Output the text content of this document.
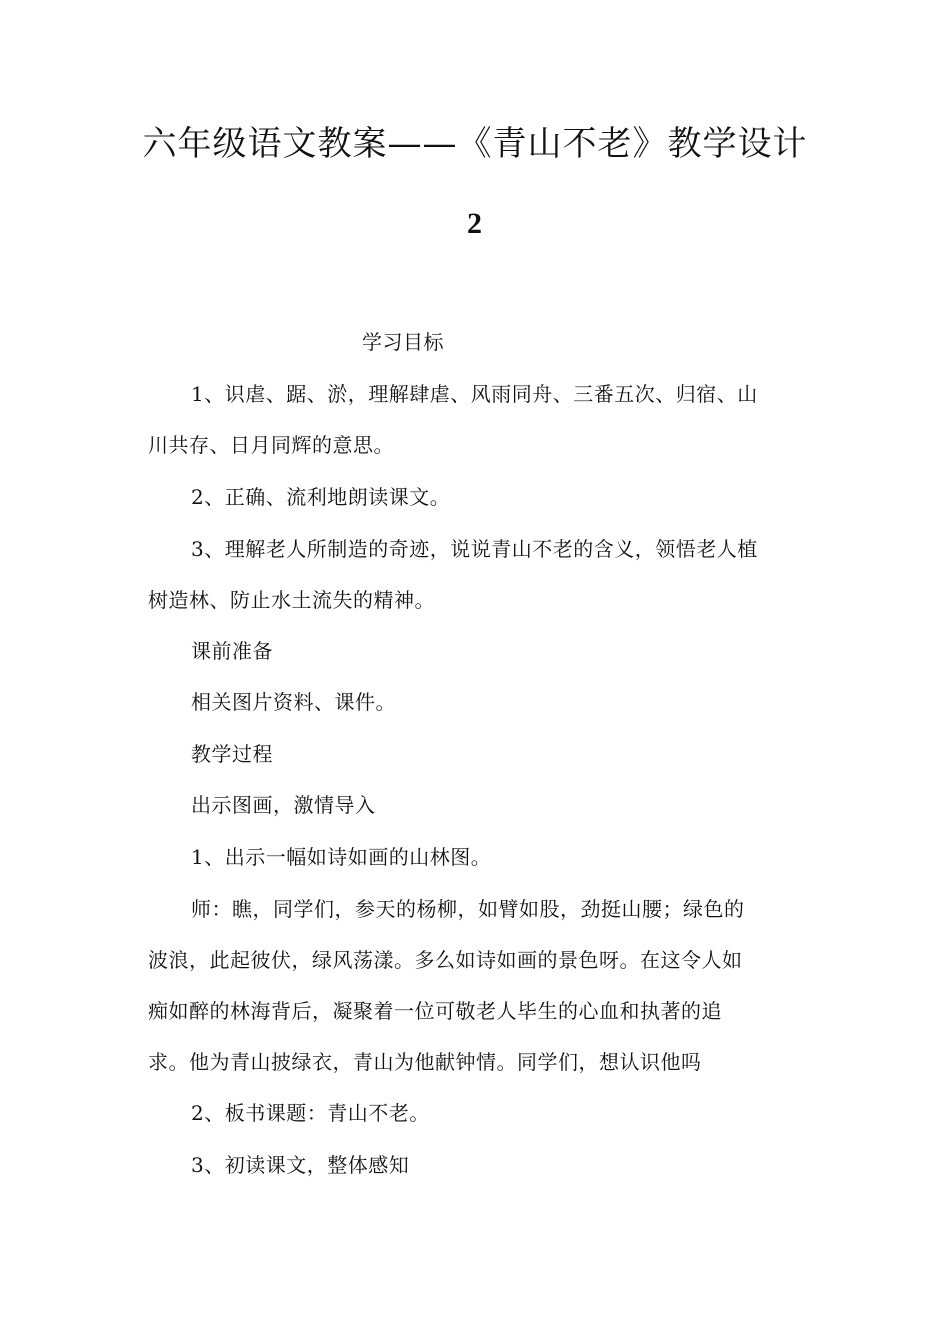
六年级语文教案——《青山不老》教学设计
2
学习目标
1、识虐、踞、淤，理解肆虐、风雨同舟、三番五次、归宿、山
川共存、日月同辉的意思。
2、正确、流利地朗读课文。
3、理解老人所制造的奇迹，说说青山不老的含义，领悟老人植
树造林、防止水土流失的精神。
课前准备
相关图片资料、课件。
教学过程
出示图画，激情导入
1、出示一幅如诗如画的山林图。
师：瞧，同学们，参天的杨柳，如臂如股，劲挺山腰；绿色的
波浪，此起彼伏，绿风荡漾。多么如诗如画的景色呀。在这令人如
痴如醉的林海背后，凝聚着一位可敬老人毕生的心血和执著的追
求。他为青山披绿衣，青山为他献钟情。同学们，想认识他吗
2、板书课题：青山不老。
3、初读课文，整体感知
